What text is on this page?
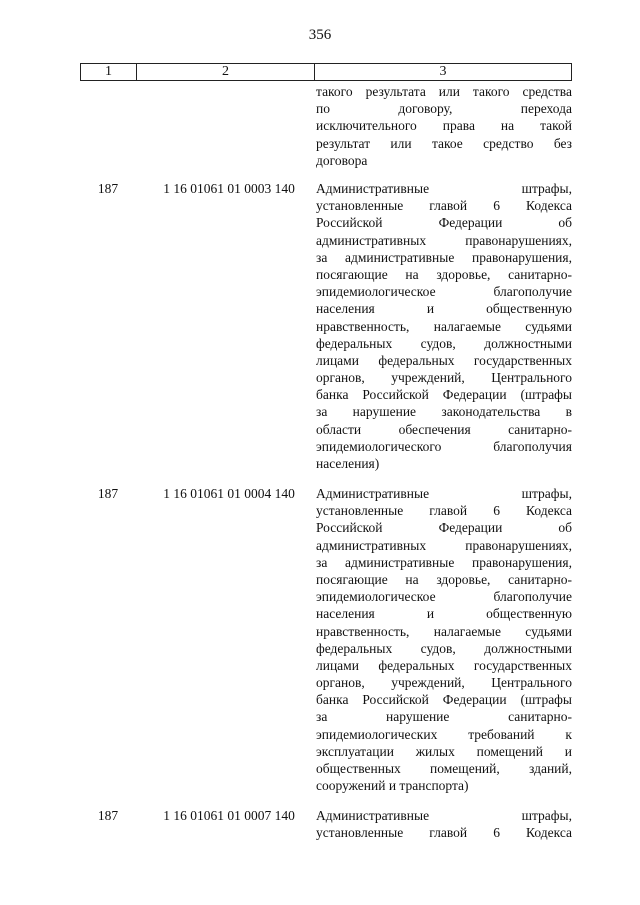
356
1	2	3
такого результата или такого средства
по договору, перехода
исключительного права на такой
результат или такое средство без
договора
187	1 16 01061 01 0003 140	Административные штрафы,
установленные главой 6 Кодекса
Российской Федерации об
административных правонарушениях,
за административные правонарушения,
посягающие на здоровье, санитарно-
эпидемиологическое благополучие
населения и общественную
нравственность, налагаемые судьями
федеральных судов, должностными
лицами федеральных государственных
органов, учреждений, Центрального
банка Российской Федерации (штрафы
за нарушение законодательства в
области обеспечения санитарно-
эпидемиологического благополучия
населения)
187	1 16 01061 01 0004 140	Административные штрафы,
установленные главой 6 Кодекса
Российской Федерации об
административных правонарушениях,
за административные правонарушения,
посягающие на здоровье, санитарно-
эпидемиологическое благополучие
населения и общественную
нравственность, налагаемые судьями
федеральных судов, должностными
лицами федеральных государственных
органов, учреждений, Центрального
банка Российской Федерации (штрафы
за нарушение санитарно-
эпидемиологических требований к
эксплуатации жилых помещений и
общественных помещений, зданий,
сооружений и транспорта)
187	1 16 01061 01 0007 140	Административные штрафы,
установленные главой 6 Кодекса
